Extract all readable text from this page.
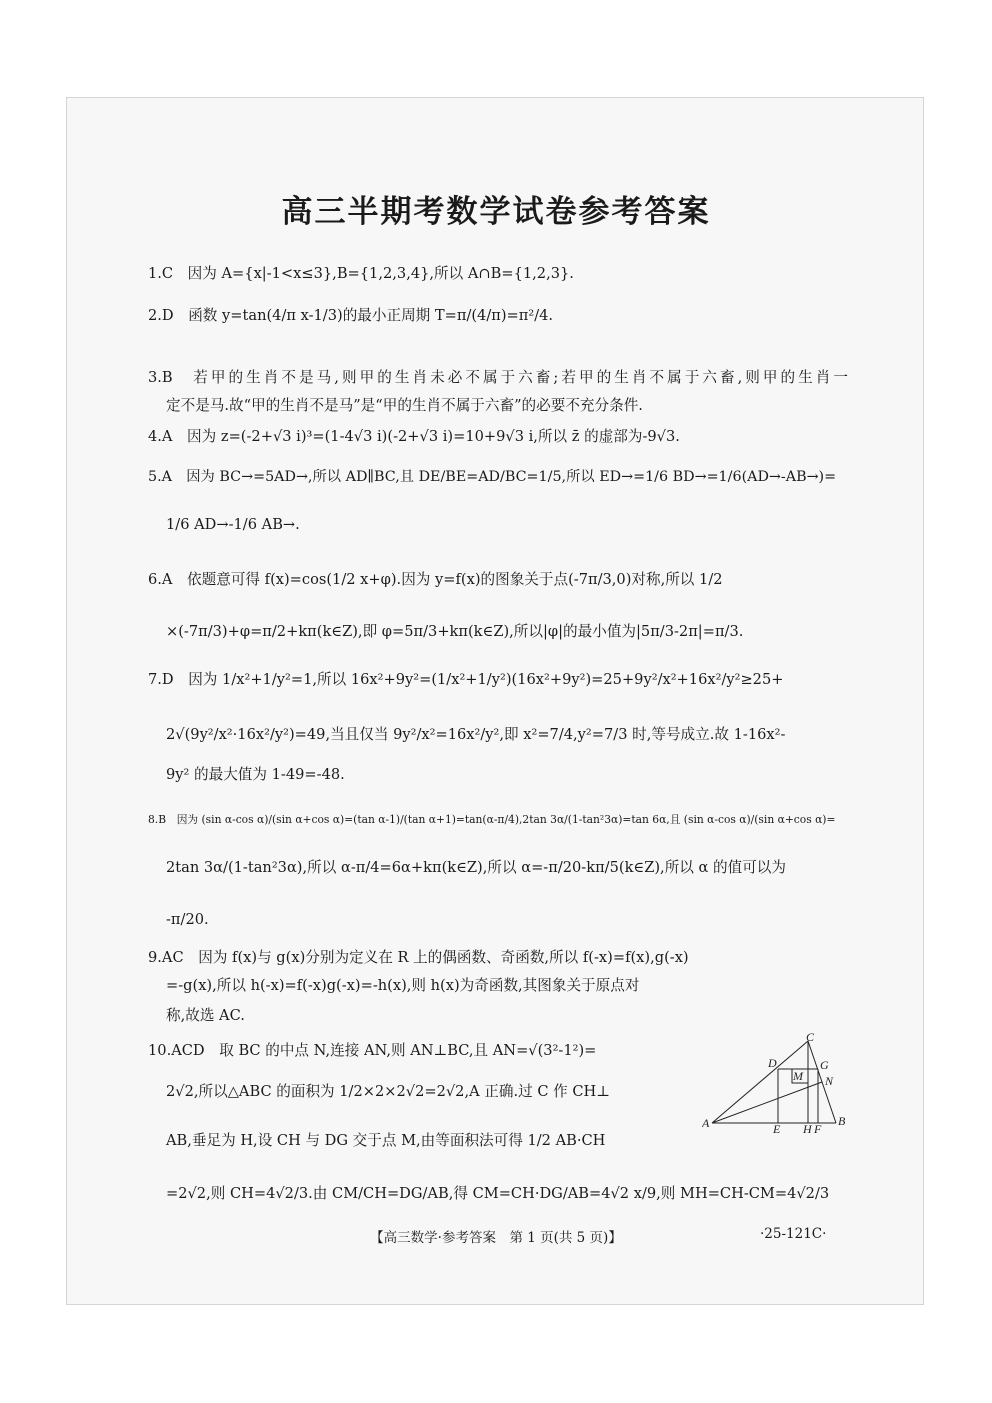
高三半期考数学试卷参考答案
1.C　因为 A={x|-1<x≤3},B={1,2,3,4},所以 A∩B={1,2,3}.
2.D　函数 y=tan(4/π x-1/3)的最小正周期 T=π/(4/π)=π²/4.
3.B　若甲的生肖不是马,则甲的生肖未必不属于六畜;若甲的生肖不属于六畜,则甲的生肖一
定不是马.故“甲的生肖不是马”是“甲的生肖不属于六畜”的必要不充分条件.
4.A　因为 z=(-2+√3 i)³=(1-4√3 i)(-2+√3 i)=10+9√3 i,所以 z̄ 的虚部为-9√3.
5.A　因为 BC→=5AD→,所以 AD∥BC,且 DE/BE=AD/BC=1/5,所以 ED→=1/6 BD→=1/6(AD→-AB→)=
1/6 AD→-1/6 AB→.
6.A　依题意可得 f(x)=cos(1/2 x+φ).因为 y=f(x)的图象关于点(-7π/3,0)对称,所以 1/2
×(-7π/3)+φ=π/2+kπ(k∈Z),即 φ=5π/3+kπ(k∈Z),所以|φ|的最小值为|5π/3-2π|=π/3.
7.D　因为 1/x²+1/y²=1,所以 16x²+9y²=(1/x²+1/y²)(16x²+9y²)=25+9y²/x²+16x²/y²≥25+
2√(9y²/x²·16x²/y²)=49,当且仅当 9y²/x²=16x²/y²,即 x²=7/4,y²=7/3 时,等号成立.故 1-16x²-
9y² 的最大值为 1-49=-48.
8.B　因为 (sin α-cos α)/(sin α+cos α)=(tan α-1)/(tan α+1)=tan(α-π/4),2tan 3α/(1-tan²3α)=tan 6α,且 (sin α-cos α)/(sin α+cos α)=
2tan 3α/(1-tan²3α),所以 α-π/4=6α+kπ(k∈Z),所以 α=-π/20-kπ/5(k∈Z),所以 α 的值可以为
-π/20.
9.AC　因为 f(x)与 g(x)分别为定义在 R 上的偶函数、奇函数,所以 f(-x)=f(x),g(-x)
=-g(x),所以 h(-x)=f(-x)g(-x)=-h(x),则 h(x)为奇函数,其图象关于原点对
称,故选 AC.
10.ACD　取 BC 的中点 N,连接 AN,则 AN⊥BC,且 AN=√(3²-1²)=
2√2,所以△ABC 的面积为 1/2×2×2√2=2√2,A 正确.过 C 作 CH⊥
AB,垂足为 H,设 CH 与 DG 交于点 M,由等面积法可得 1/2 AB·CH
=2√2,则 CH=4√2/3.由 CM/CH=DG/AB,得 CM=CH·DG/AB=4√2 x/9,则 MH=CH-CM=4√2/3
C
D
M
G
N
A	E H F
B
【高三数学·参考答案　第 1 页(共 5 页)】	·25-121C·
